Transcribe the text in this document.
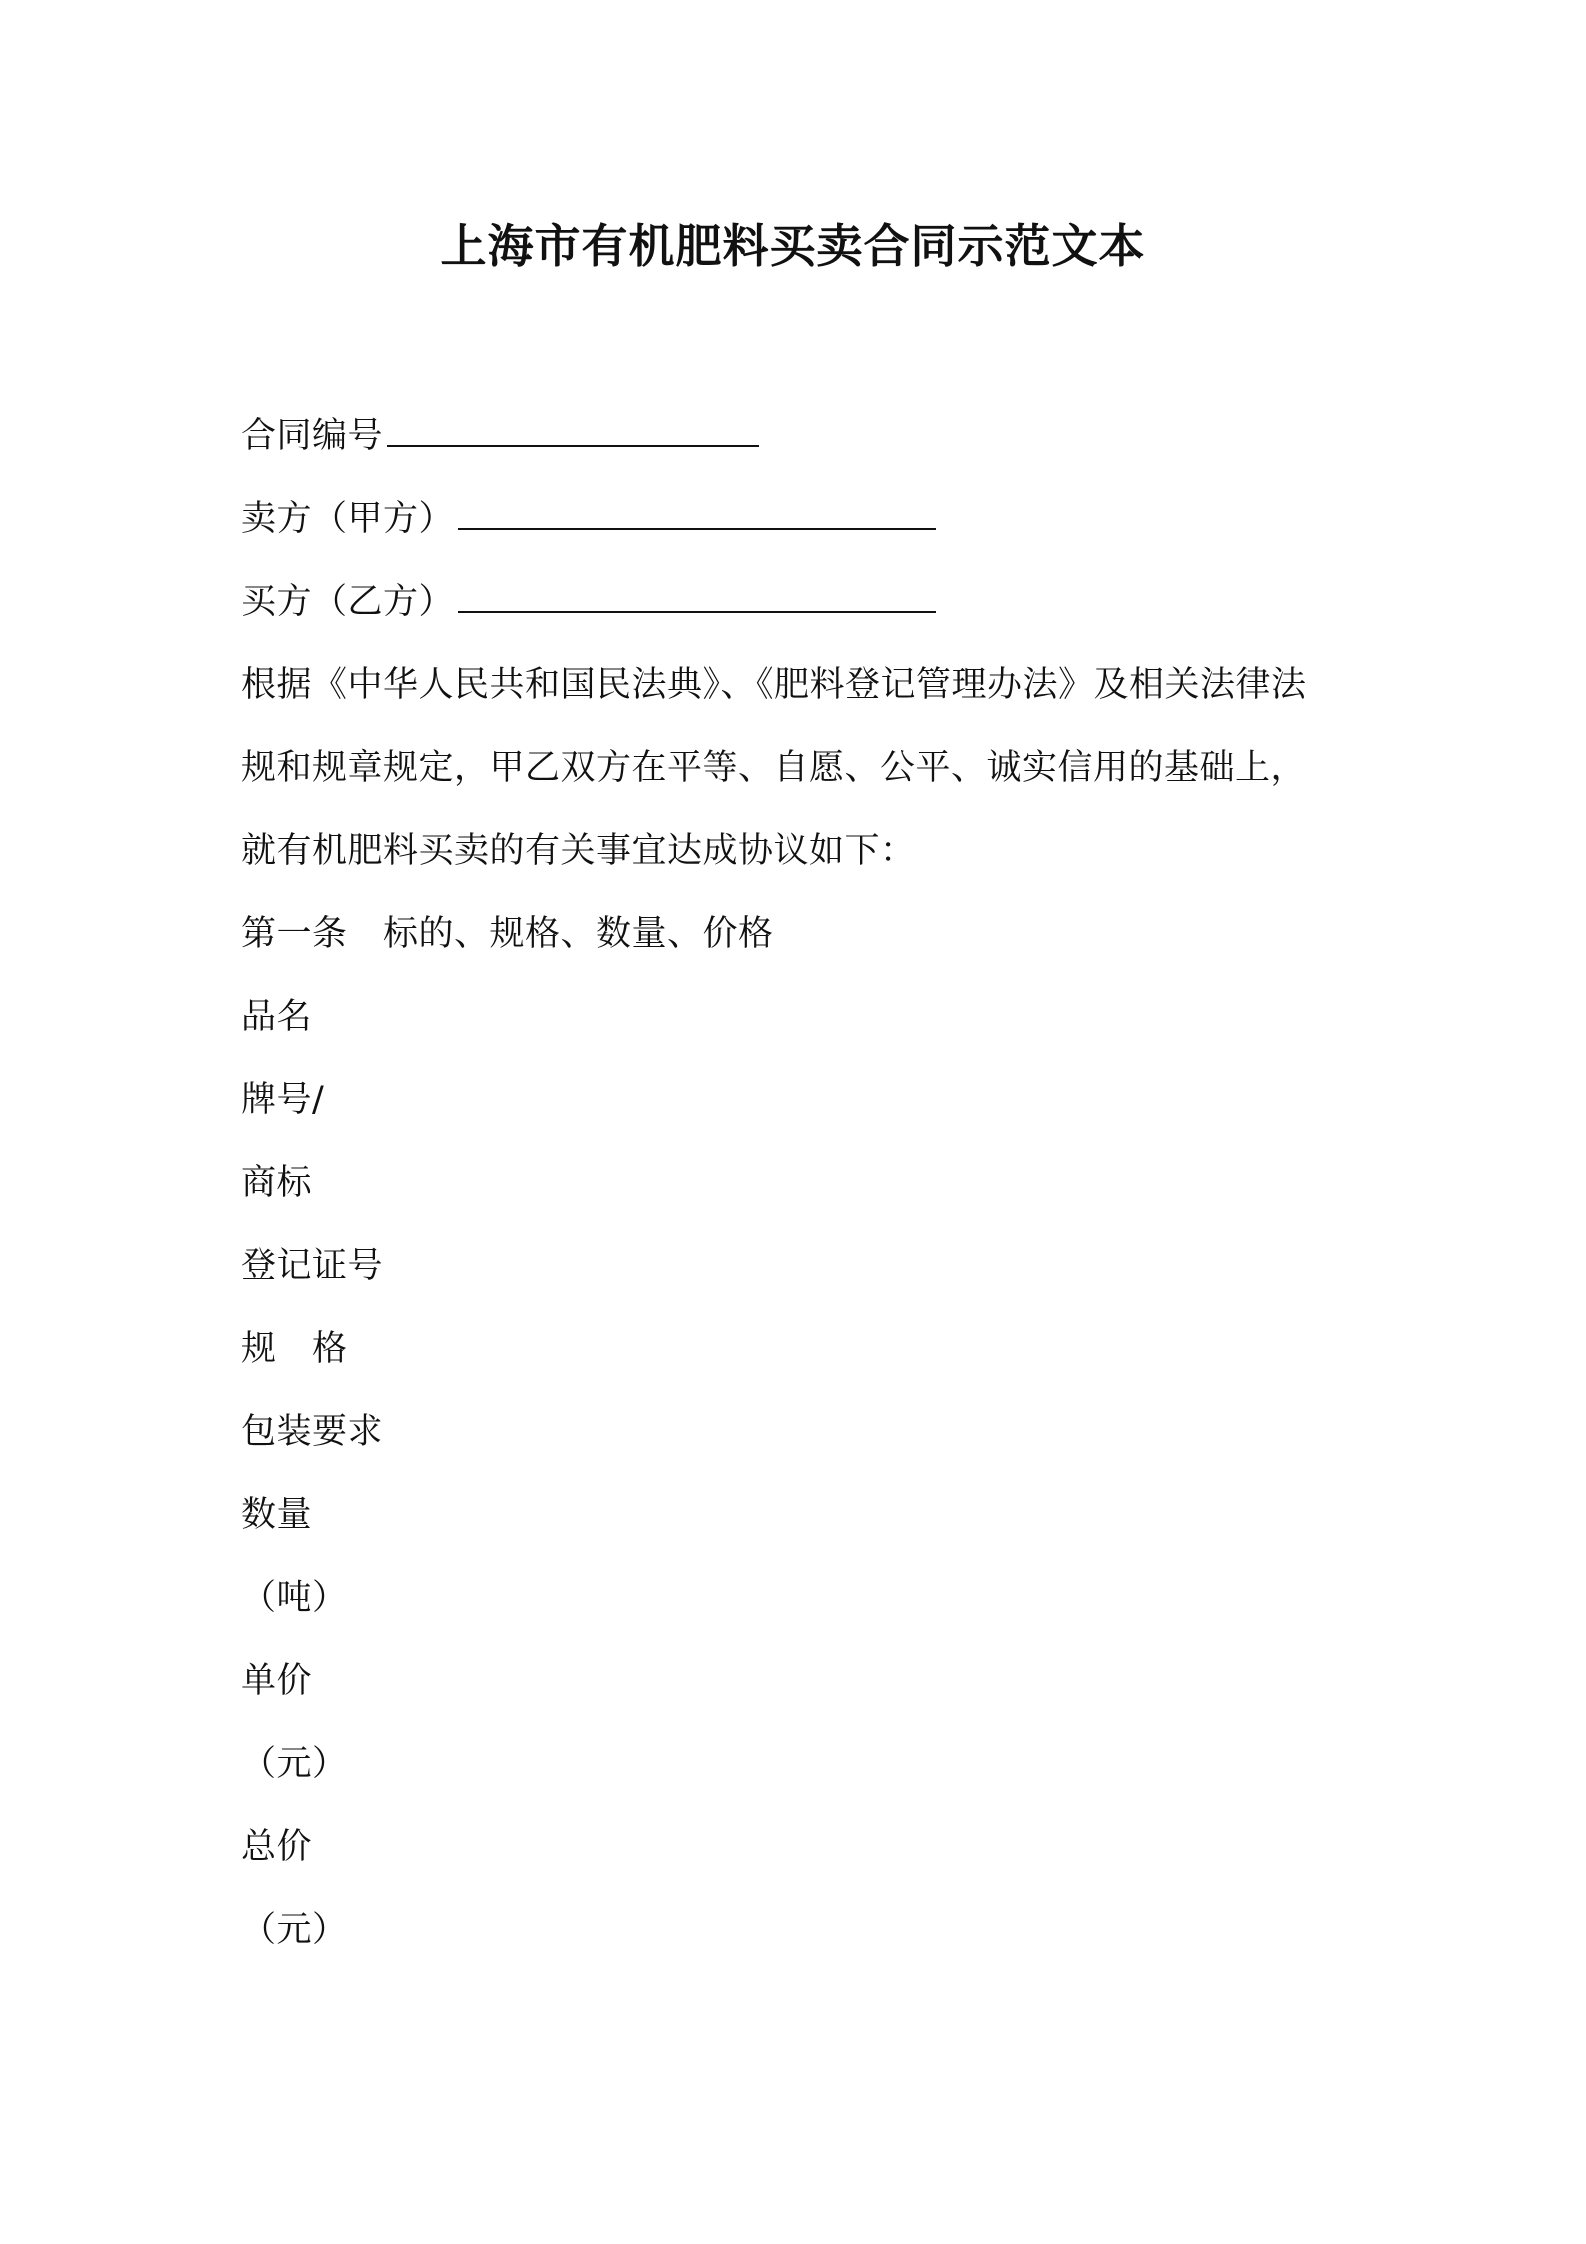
上海市有机肥料买卖合同示范文本
合同编号
卖方（甲方）
买方（乙方）
根据《中华人民共和国民法典》、《肥料登记管理办法》及相关法律法
规和规章规定，甲乙双方在平等、自愿、公平、诚实信用的基础上，
就有机肥料买卖的有关事宜达成协议如下：
第一条　标的、规格、数量、价格
品名
牌号/
商标
登记证号
规　格
包装要求
数量
（吨）
单价
（元）
总价
（元）
